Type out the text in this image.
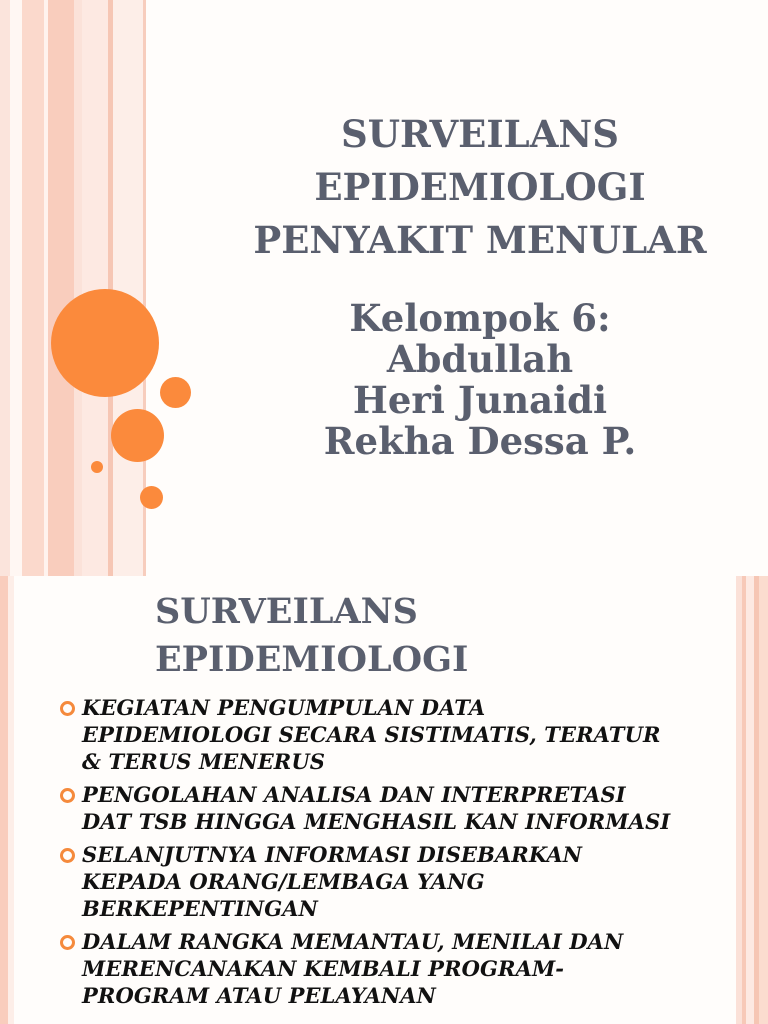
SURVEILANS
EPIDEMIOLOGI
PENYAKIT MENULAR
Kelompok 6:
Abdullah
Heri Junaidi
Rekha Dessa P.
SURVEILANS
EPIDEMIOLOGI
KEGIATAN PENGUMPULAN DATA
EPIDEMIOLOGI SECARA SISTIMATIS, TERATUR
& TERUS MENERUS
PENGOLAHAN ANALISA DAN INTERPRETASI
DAT TSB HINGGA MENGHASIL KAN INFORMASI
SELANJUTNYA INFORMASI DISEBARKAN
KEPADA ORANG/LEMBAGA YANG
BERKEPENTINGAN
DALAM RANGKA MEMANTAU, MENILAI DAN
MERENCANAKAN KEMBALI PROGRAM-
PROGRAM ATAU PELAYANAN
